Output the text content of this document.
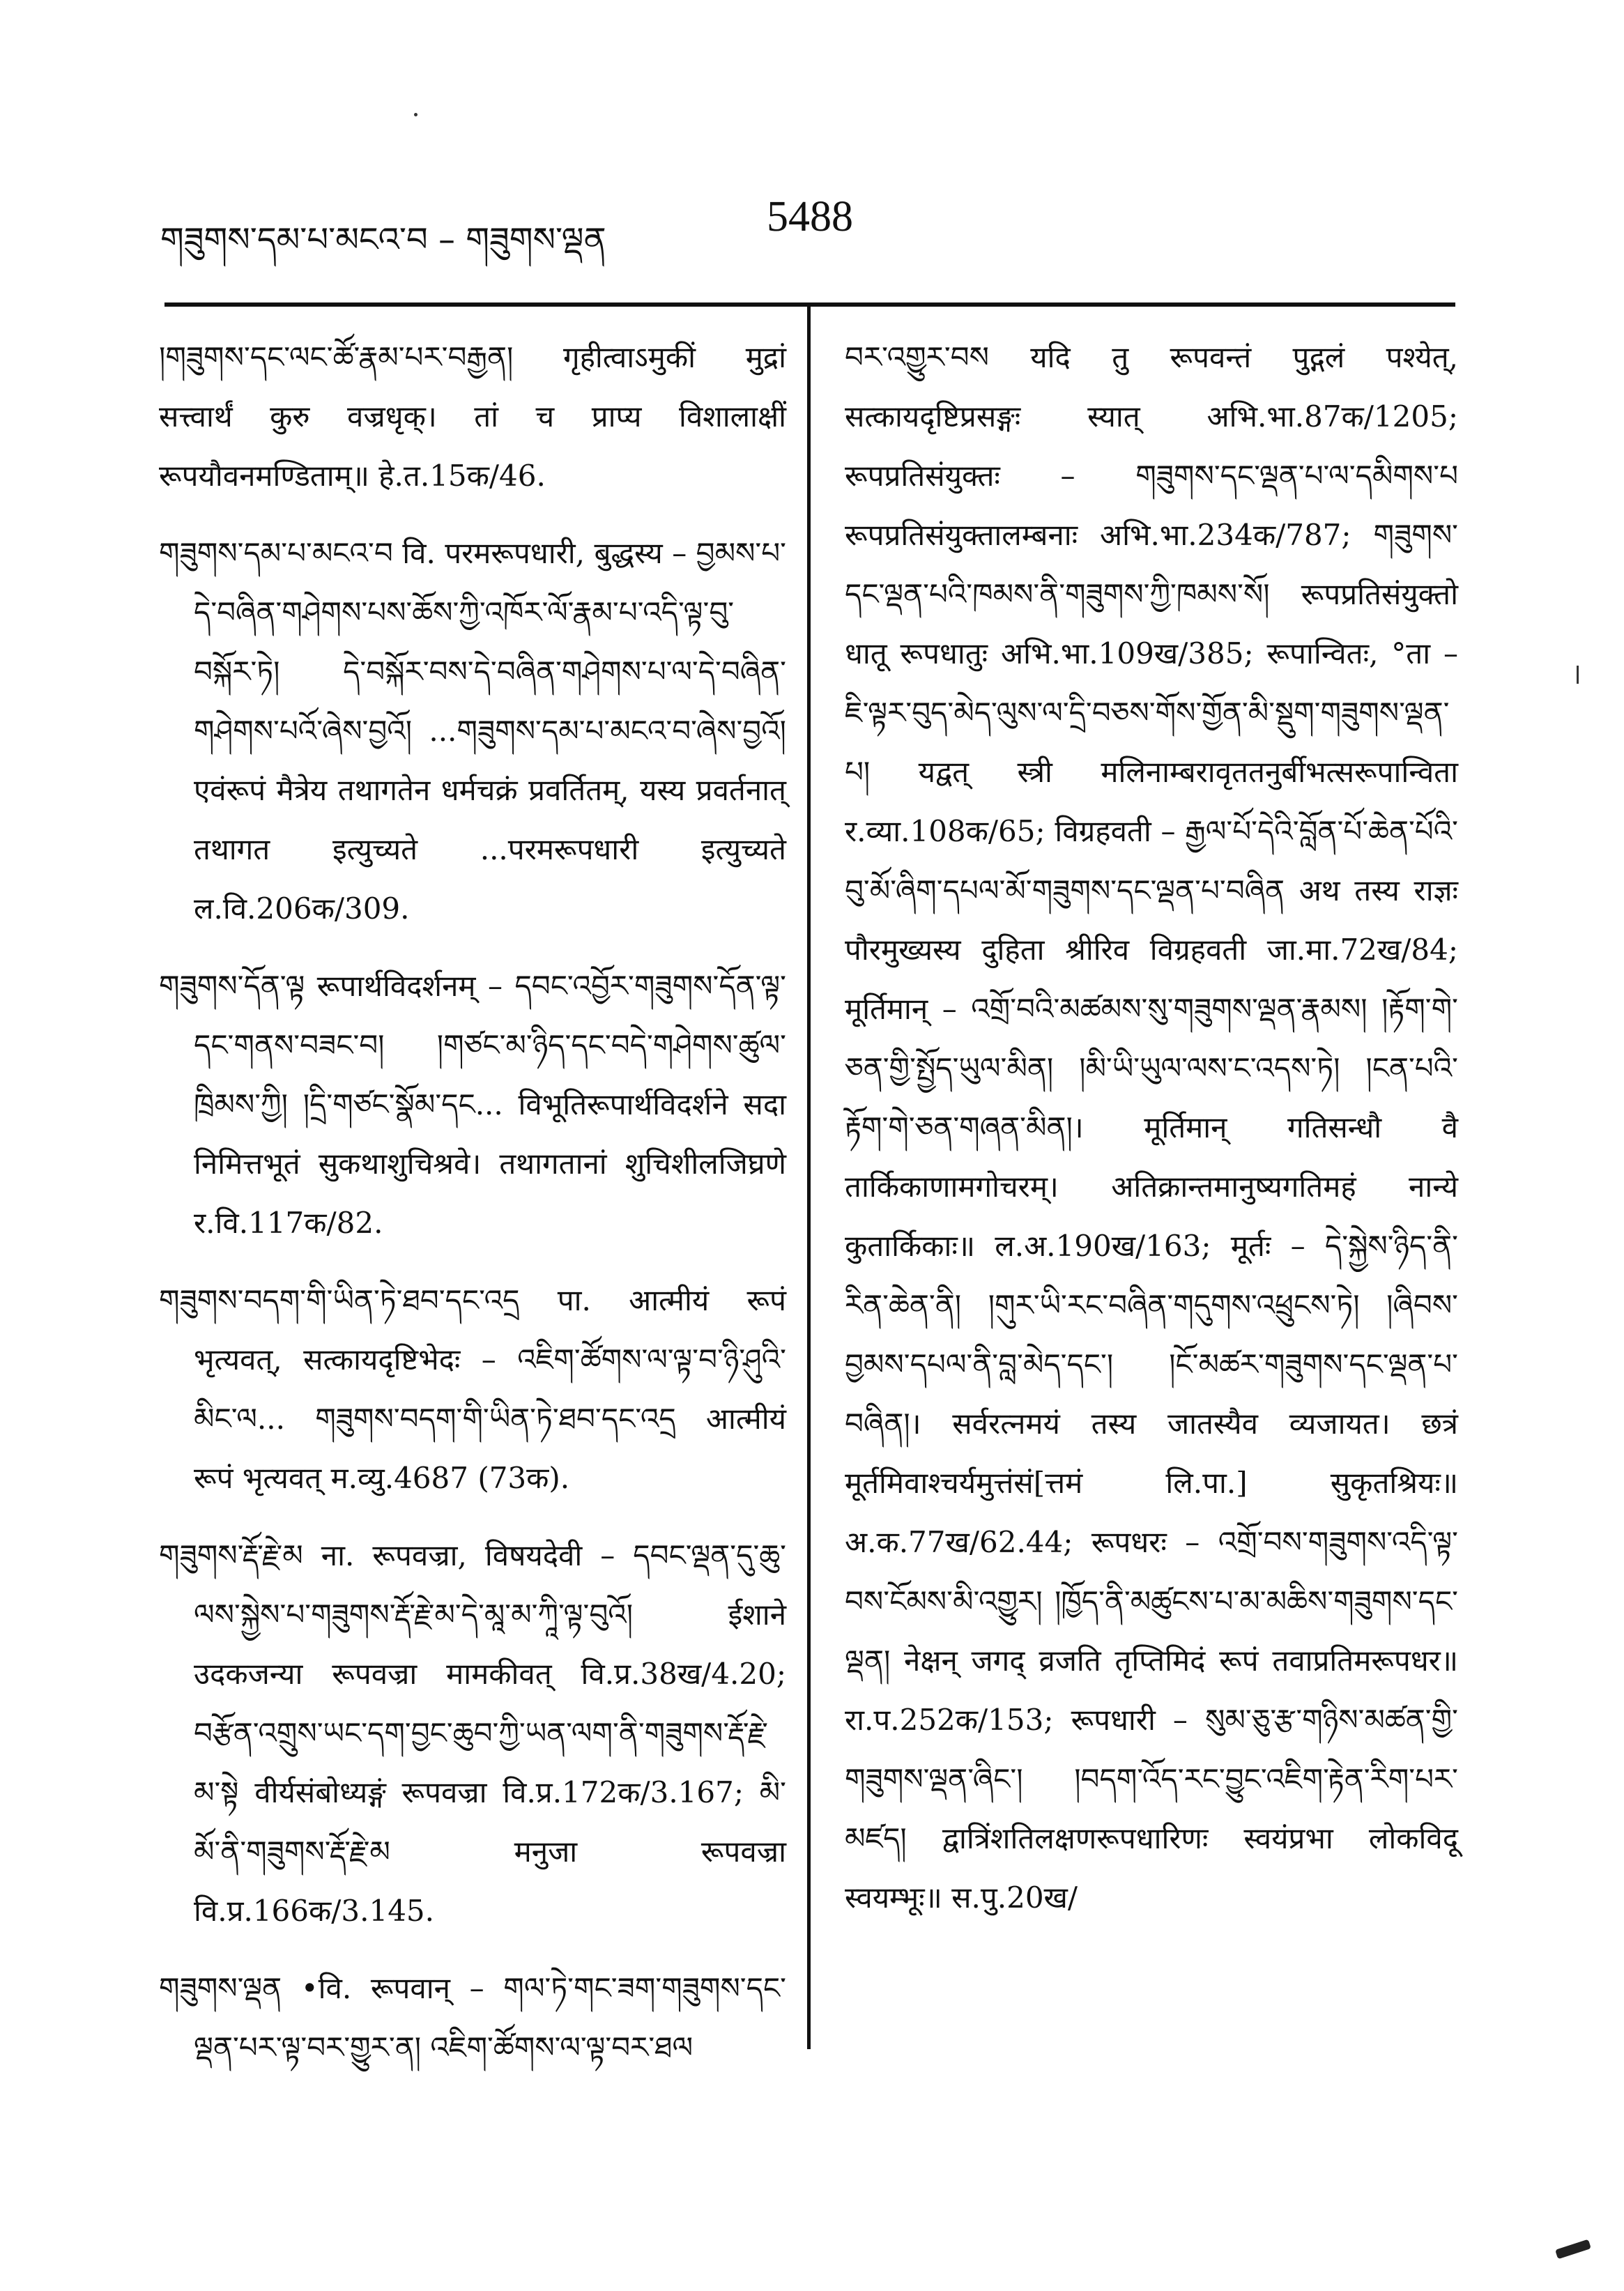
གཟུགས་དམ་པ་མངའ་བ – གཟུགས་ལྡན	5488

།གཟུགས་དང་ལང་ཚོ་རྣམ་པར་བརྒྱན། गृहीत्वाऽमुकीं मुद्रां सत्त्वार्थं कुरु वज्रधृक्। तां च प्राप्य विशालाक्षीं रूपयौवनमण्डिताम्॥ हे.त.15क/46.

གཟུགས་དམ་པ་མངའ་བ वि. परमरूपधारी, बुद्धस्य – བྱམས་པ་དེ་བཞིན་གཤེགས་པས་ཆོས་ཀྱི་འཁོར་ལོ་རྣམ་པ་འདི་ལྟ་བུ་བསྐོར་ཏེ། དེ་བསྐོར་བས་དེ་བཞིན་གཤེགས་པ་ལ་དེ་བཞིན་གཤེགས་པའོ་ཞེས་བྱའོ། ...གཟུགས་དམ་པ་མངའ་བ་ཞེས་བྱའོ། एवंरूपं मैत्रेय तथागतेन धर्मचक्रं प्रवर्तितम्, यस्य प्रवर्तनात् तथागत इत्युच्यते ...परमरूपधारी इत्युच्यते ल.वि.206क/309.

གཟུགས་དོན་ལྟ रूपार्थविदर्शनम् – དབང་འབྱོར་གཟུགས་དོན་ལྟ་དང་གནས་བཟང་བ། །གཙང་མ་ཉིད་དང་བདེ་གཤེགས་ཚུལ་ཁྲིམས་ཀྱི། །དྲི་གཙང་སྣོམ་དང... विभूतिरूपार्थविदर्शने सदा निमित्तभूतं सुकथाशुचिश्रवे। तथागतानां शुचिशीलजिघ्रणे र.वि.117क/82.

གཟུགས་བདག་གི་ཡིན་ཏེ་ཐབ་དང་འདྲ पा. आत्मीयं रूपं भृत्यवत्, सत्कायदृष्टिभेदः – འཇིག་ཚོགས་ལ་ལྟ་བ་ཉི་ཤུའི་མིང་ལ... གཟུགས་བདག་གི་ཡིན་ཏེ་ཐབ་དང་འདྲ आत्मीयं रूपं भृत्यवत् म.व्यु.4687 (73क).

གཟུགས་རྡོ་རྗེ་མ ना. रूपवज्रा, विषयदेवी – དབང་ལྡན་དུ་ཆུ་ལས་སྐྱེས་པ་གཟུགས་རྡོ་རྗེ་མ་དེ་མཱ་མ་ཀཱི་ལྟ་བུའོ། ईशाने उदकजन्या रूपवज्रा मामकीवत् वि.प्र.38ख/4.20; བརྩོན་འགྲུས་ཡང་དག་བྱང་ཆུབ་ཀྱི་ཡན་ལག་ནི་གཟུགས་རྡོ་རྗེ་མ་སྟེ वीर्यसंबोध्यङ्गं रूपवज्रा वि.प्र.172क/3.167; མི་མོ་ནི་གཟུགས་རྡོ་རྗེ་མ मनुजा रूपवज्रा वि.प्र.166क/3.145.

གཟུགས་ལྡན •वि. रूपवान् – གལ་ཏེ་གང་ཟག་གཟུགས་དང་ལྡན་པར་ལྟ་བར་གྱུར་ན། འཇིག་ཚོགས་ལ་ལྟ་བར་ཐལ

བར་འགྱུར་བས यदि तु रूपवन्तं पुद्गलं पश्येत्, सत्कायदृष्टिप्रसङ्गः स्यात् अभि.भा.87क/1205; रूपप्रतिसंयुक्तः – གཟུགས་དང་ལྡན་པ་ལ་དམིགས་པ रूपप्रतिसंयुक्तालम्बनाः अभि.भा.234क/787; གཟུགས་དང་ལྡན་པའི་ཁམས་ནི་གཟུགས་ཀྱི་ཁམས་སོ། रूपप्रतिसंयुक्तो धातू रूपधातुः अभि.भा.109ख/385; रूपान्वितः, °ता – ཇི་ལྟར་བུད་མེད་ལུས་ལ་དྲི་བཅས་གོས་གྱོན་མི་སྡུག་གཟུགས་ལྡན་པ། यद्वत् स्त्री मलिनाम्बरावृततनुर्बीभत्सरूपान्विता र.व्या.108क/65; विग्रहवती – རྒྱལ་པོ་དེའི་བློན་པོ་ཆེན་པོའི་བུ་མོ་ཞིག་དཔལ་མོ་གཟུགས་དང་ལྡན་པ་བཞིན अथ तस्य राज्ञः पौरमुख्यस्य दुहिता श्रीरिव विग्रहवती जा.मा.72ख/84; मूर्तिमान् – འགྲོ་བའི་མཚམས་སུ་གཟུགས་ལྡན་རྣམས། །རྟོག་གེ་ཅན་གྱི་སྤྱོད་ཡུལ་མིན། །མི་ཡི་ཡུལ་ལས་ང་འདས་ཏེ། །ངན་པའི་རྟོག་གེ་ཅན་གཞན་མིན།। मूर्तिमान् गतिसन्धौ वै तार्किकाणामगोचरम्। अतिक्रान्तमानुष्यगतिमहं नान्ये कुतार्किकाः॥ ल.अ.190ख/163; मूर्तः – དེ་སྐྱེས་ཉིད་ནི་རིན་ཆེན་ནི། །གུར་ཡི་རང་བཞིན་གདུགས་འཕྲུངས་ཏེ། །ཞིབས་བྱམས་དཔལ་ནི་བླ་མེད་དང་། །ངོ་མཚར་གཟུགས་དང་ལྡན་པ་བཞིན།। सर्वरत्नमयं तस्य जातस्यैव व्यजायत। छत्रं मूर्तमिवाश्चर्यमुत्तंसं[त्तमं लि.पा.] सुकृतश्रियः॥ अ.क.77ख/62.44; रूपधरः – འགྲོ་བས་གཟུགས་འདི་ལྟ་བས་ངོམས་མི་འགྱུར། །ཁྱོད་ནི་མཚུངས་པ་མ་མཆིས་གཟུགས་དང་ལྡན། नेक्षन् जगद् व्रजति तृप्तिमिदं रूपं तवाप्रतिमरूपधर॥ रा.प.252क/153; रूपधारी – སུམ་ཅུ་རྩ་གཉིས་མཚན་གྱི་གཟུགས་ལྡན་ཞིང་། །བདག་འོད་རང་བྱུང་འཇིག་རྟེན་རིག་པར་མཛད། द्वात्रिंशतिलक्षणरूपधारिणः स्वयंप्रभा लोकविदू स्वयम्भूः॥ स.पु.20ख/
